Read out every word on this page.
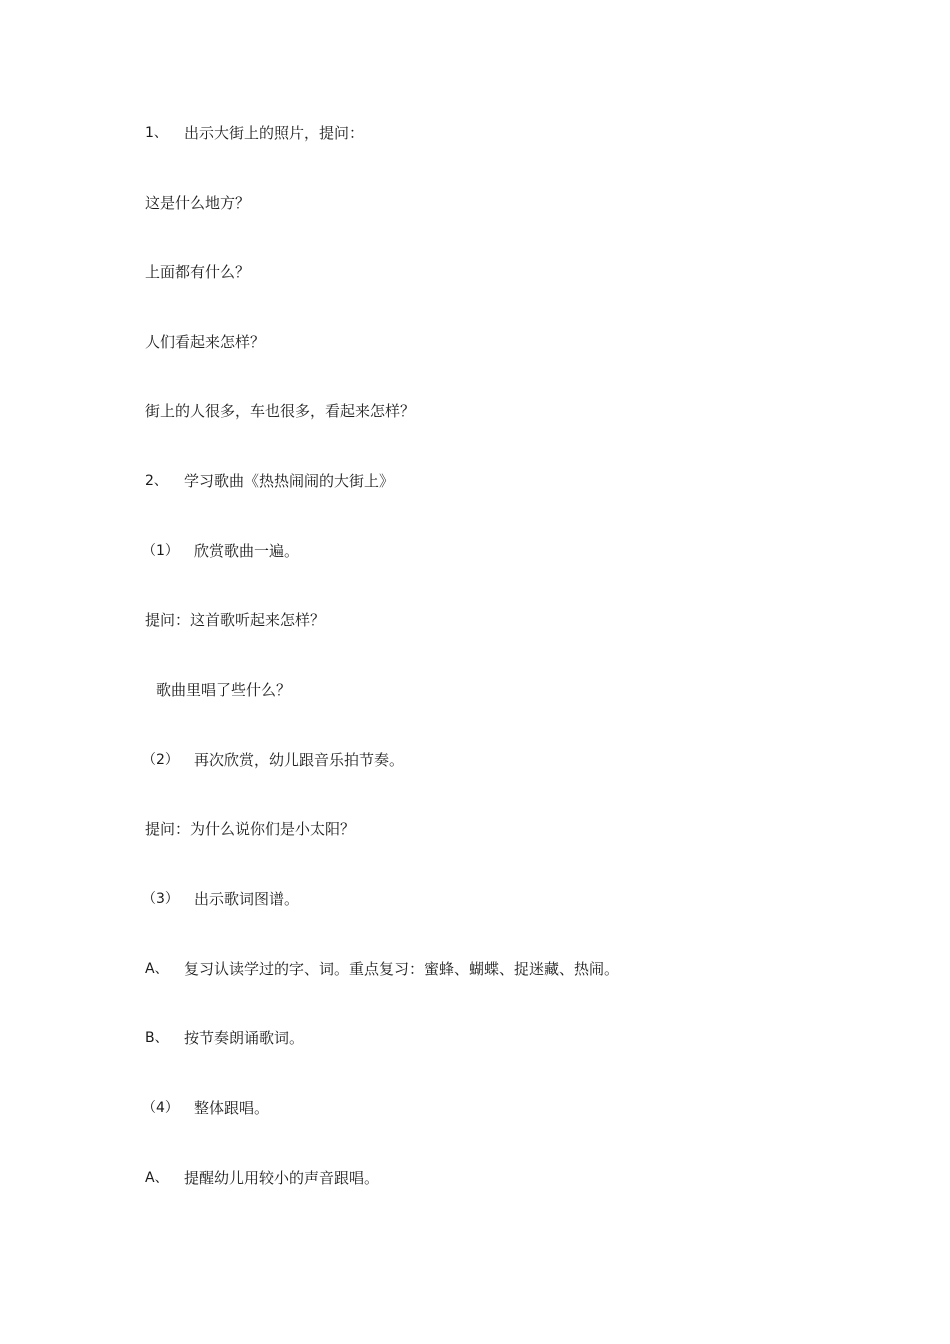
1、	出示大街上的照片，提问：
这是什么地方？
上面都有什么？
人们看起来怎样？
街上的人很多，车也很多，看起来怎样？
2、	学习歌曲《热热闹闹的大街上》
（1）	欣赏歌曲一遍。
提问：这首歌听起来怎样？
歌曲里唱了些什么？
（2）	再次欣赏，幼儿跟音乐拍节奏。
提问：为什么说你们是小太阳？
（3）	出示歌词图谱。
A、	复习认读学过的字、词。重点复习：蜜蜂、蝴蝶、捉迷藏、热闹。
B、	按节奏朗诵歌词。
（4）	整体跟唱。
A、	提醒幼儿用较小的声音跟唱。
